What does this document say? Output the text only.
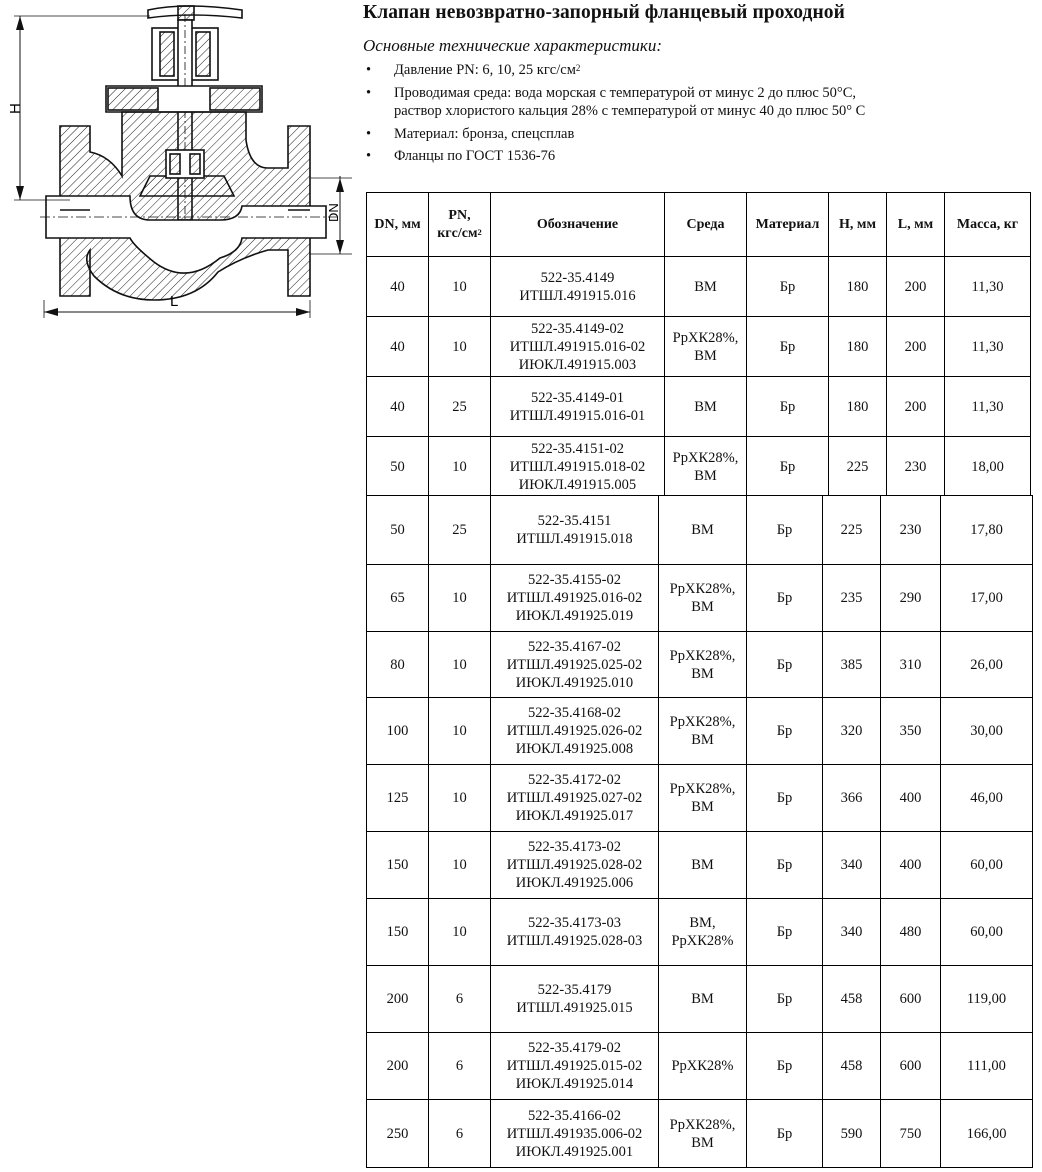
H
L
DN
Клапан невозвратно-запорный фланцевый проходной

Основные технические характеристики:

• Давление PN: 6, 10, 25 кгс/$см^2$
• Проводимая среда: вода морская с температурой от минус 2 до плюс 50°С,
раствор хлористого кальция 28% с температурой от минус 40 до плюс 50° С
• Материал: бронза, спецсплав
• Фланцы по ГОСТ 1536-76
DN, мм	PN,
кгс/$см^2$	Обозначение	Среда	Материал	H, мм	L, мм	Масса, кг
40	10	522-35.4149
ИТШЛ.491915.016	ВМ	Бр	180	200	11,30
40	10	522-35.4149-02
ИТШЛ.491915.016-02
ИЮКЛ.491915.003	РрХК28%,
ВМ	Бр	180	200	11,30
40	25	522-35.4149-01
ИТШЛ.491915.016-01	ВМ	Бр	180	200	11,30
50	10	522-35.4151-02
ИТШЛ.491915.018-02
ИЮКЛ.491915.005	РрХК28%,
ВМ	Бр	225	230	18,00
50	25	522-35.4151
ИТШЛ.491915.018	ВМ	Бр	225	230	17,80
65	10	522-35.4155-02
ИТШЛ.491925.016-02
ИЮКЛ.491925.019	РрХК28%,
ВМ	Бр	235	290	17,00
80	10	522-35.4167-02
ИТШЛ.491925.025-02
ИЮКЛ.491925.010	РрХК28%,
ВМ	Бр	385	310	26,00
100	10	522-35.4168-02
ИТШЛ.491925.026-02
ИЮКЛ.491925.008	РрХК28%,
ВМ	Бр	320	350	30,00
125	10	522-35.4172-02
ИТШЛ.491925.027-02
ИЮКЛ.491925.017	РрХК28%,
ВМ	Бр	366	400	46,00
150	10	522-35.4173-02
ИТШЛ.491925.028-02
ИЮКЛ.491925.006	ВМ	Бр	340	400	60,00
150	10	522-35.4173-03
ИТШЛ.491925.028-03	ВМ,
РрХК28%	Бр	340	480	60,00
200	6	522-35.4179
ИТШЛ.491925.015	ВМ	Бр	458	600	119,00
200	6	522-35.4179-02
ИТШЛ.491925.015-02
ИЮКЛ.491925.014	РрХК28%	Бр	458	600	111,00
250	6	522-35.4166-02
ИТШЛ.491935.006-02
ИЮКЛ.491925.001	РрХК28%,
ВМ	Бр	590	750	166,00
